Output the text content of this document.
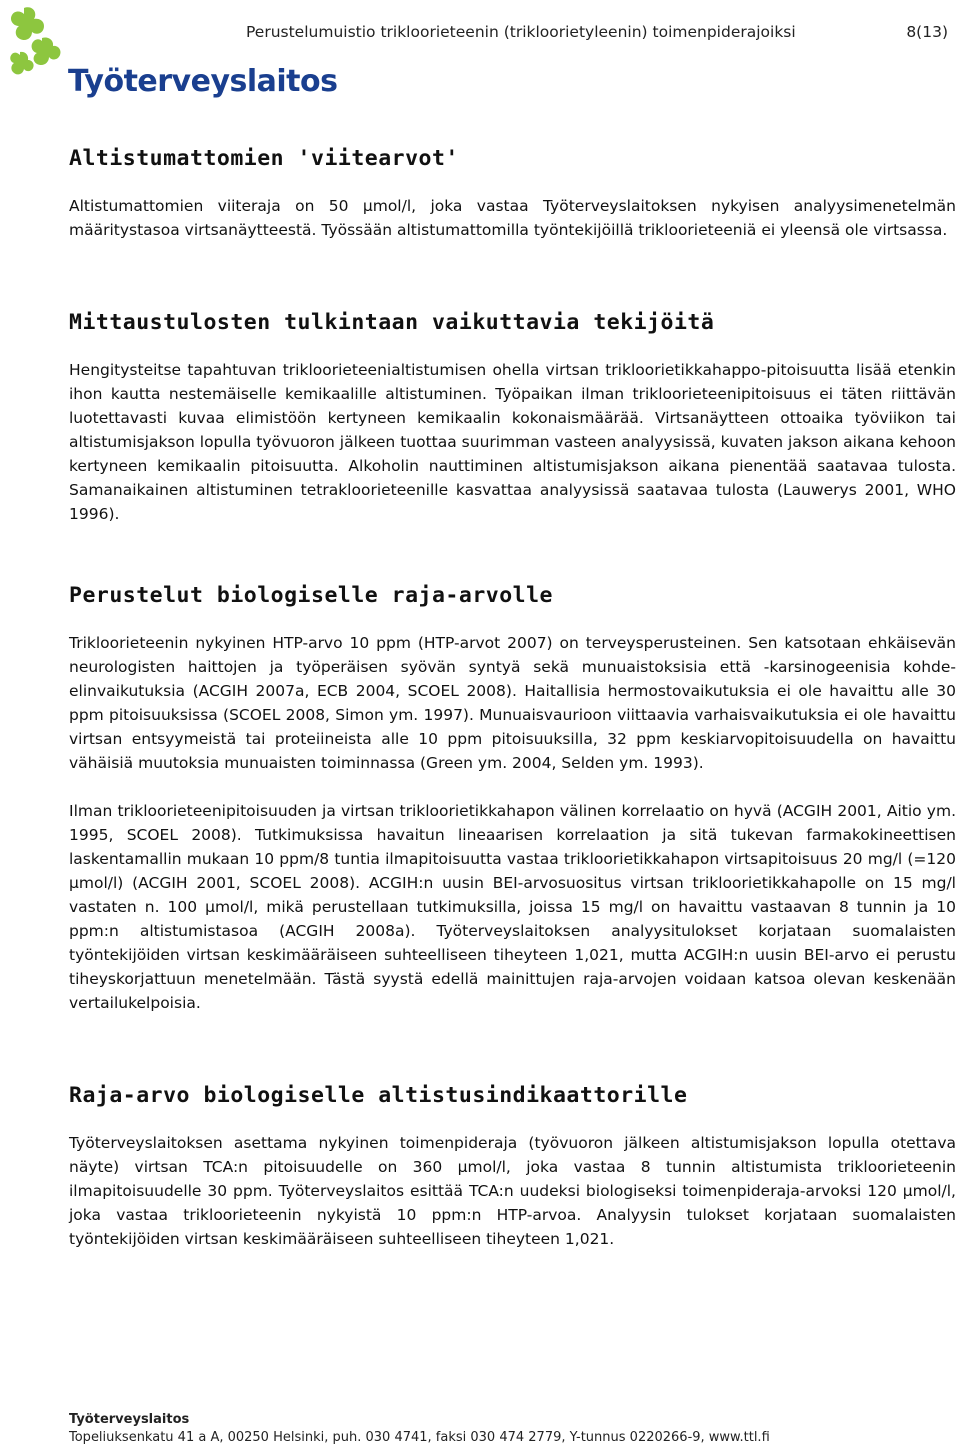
Työterveyslaitos
Perustelumuistio trikloorieteenin (trikloorietyleenin) toimenpiderajoiksi	8(13)
Altistumattomien 'viitearvot'

Altistumattomien viiteraja on 50 µmol/l, joka vastaa Työterveyslaitoksen nykyisen analyysimenetelmän määritystasoa virtsanäytteestä. Työssään altistumattomilla työntekijöillä trikloorieteeniä ei yleensä ole virtsassa.

Mittaustulosten tulkintaan vaikuttavia tekijöitä

Hengitysteitse tapahtuvan trikloorieteenialtistumisen ohella virtsan trikloorietikkahappo-pitoisuutta lisää etenkin ihon kautta nestemäiselle kemikaalille altistuminen. Työpaikan ilman trikloorieteenipitoisuus ei täten riittävän luotettavasti kuvaa elimistöön kertyneen kemikaalin kokonaismäärää. Virtsanäytteen ottoaika työviikon tai altistumisjakson lopulla työvuoron jälkeen tuottaa suurimman vasteen analyysissä, kuvaten jakson aikana kehoon kertyneen kemikaalin pitoisuutta. Alkoholin nauttiminen altistumisjakson aikana pienentää saatavaa tulosta. Samanaikainen altistuminen tetrakloorieteenille kasvattaa analyysissä saatavaa tulosta (Lauwerys 2001, WHO 1996).

Perustelut biologiselle raja-arvolle

Trikloorieteenin nykyinen HTP-arvo 10 ppm (HTP-arvot 2007) on terveysperusteinen. Sen katsotaan ehkäisevän neurologisten haittojen ja työperäisen syövän syntyä sekä munuaistoksisia että -karsinogeenisia kohde-elinvaikutuksia (ACGIH 2007a, ECB 2004, SCOEL 2008). Haitallisia hermostovaikutuksia ei ole havaittu alle 30 ppm pitoisuuksissa (SCOEL 2008, Simon ym. 1997). Munuaisvaurioon viittaavia varhaisvaikutuksia ei ole havaittu virtsan entsyymeistä tai proteiineista alle 10 ppm pitoisuuksilla, 32 ppm keskiarvopitoisuudella on havaittu vähäisiä muutoksia munuaisten toiminnassa (Green ym. 2004, Selden ym. 1993).

Ilman trikloorieteenipitoisuuden ja virtsan trikloorietikkahapon välinen korrelaatio on hyvä (ACGIH 2001, Aitio ym. 1995, SCOEL 2008). Tutkimuksissa havaitun lineaarisen korrelaation ja sitä tukevan farmakokineettisen laskentamallin mukaan 10 ppm/8 tuntia ilmapitoisuutta vastaa trikloorietikkahapon virtsapitoisuus 20 mg/l (=120 µmol/l) (ACGIH 2001, SCOEL 2008). ACGIH:n uusin BEI-arvosuositus virtsan trikloorietikkahapolle on 15 mg/l vastaten n. 100 µmol/l, mikä perustellaan tutkimuksilla, joissa 15 mg/l on havaittu vastaavan 8 tunnin ja 10 ppm:n altistumistasoa (ACGIH 2008a). Työterveyslaitoksen analyysitulokset korjataan suomalaisten työntekijöiden virtsan keskimääräiseen suhteelliseen tiheyteen 1,021, mutta ACGIH:n uusin BEI-arvo ei perustu tiheyskorjattuun menetelmään. Tästä syystä edellä mainittujen raja-arvojen voidaan katsoa olevan keskenään vertailukelpoisia.

Raja-arvo biologiselle altistusindikaattorille

Työterveyslaitoksen asettama nykyinen toimenpideraja (työvuoron jälkeen altistumisjakson lopulla otettava näyte) virtsan TCA:n pitoisuudelle on 360 µmol/l, joka vastaa 8 tunnin altistumista trikloorieteenin ilmapitoisuudelle 30 ppm. Työterveyslaitos esittää TCA:n uudeksi biologiseksi toimenpideraja-arvoksi 120 µmol/l, joka vastaa trikloorieteenin nykyistä 10 ppm:n HTP-arvoa. Analyysin tulokset korjataan suomalaisten työntekijöiden virtsan keskimääräiseen suhteelliseen tiheyteen 1,021.

Työterveyslaitos
Topeliuksenkatu 41 a A, 00250 Helsinki, puh. 030 4741, faksi 030 474 2779, Y-tunnus 0220266-9, www.ttl.fi
